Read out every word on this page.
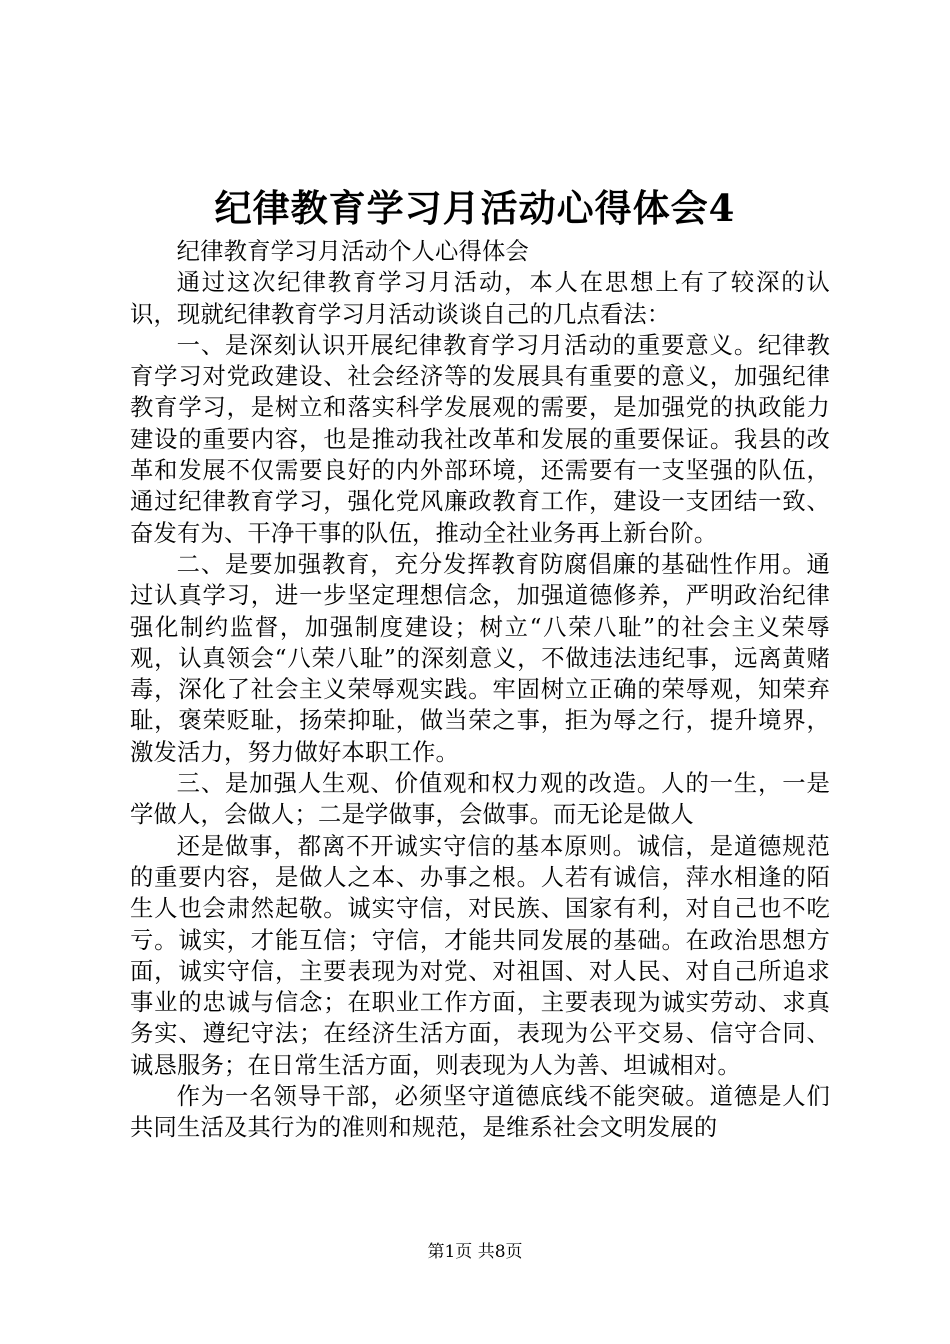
纪律教育学习月活动心得体会4

纪律教育学习月活动个人心得体会

通过这次纪律教育学习月活动，本人在思想上有了较深的认识，现就纪律教育学习月活动谈谈自己的几点看法：

一、是深刻认识开展纪律教育学习月活动的重要意义。纪律教育学习对党政建设、社会经济等的发展具有重要的意义，加强纪律教育学习，是树立和落实科学发展观的需要，是加强党的执政能力建设的重要内容，也是推动我社改革和发展的重要保证。我县的改革和发展不仅需要良好的内外部环境，还需要有一支坚强的队伍，通过纪律教育学习，强化党风廉政教育工作，建设一支团结一致、奋发有为、干净干事的队伍，推动全社业务再上新台阶。

二、是要加强教育，充分发挥教育防腐倡廉的基础性作用。通过认真学习，进一步坚定理想信念，加强道德修养，严明政治纪律强化制约监督，加强制度建设；树立“八荣八耻”的社会主义荣辱观，认真领会“八荣八耻”的深刻意义，不做违法违纪事，远离黄赌毒，深化了社会主义荣辱观实践。牢固树立正确的荣辱观，知荣弃耻，褒荣贬耻，扬荣抑耻，做当荣之事，拒为辱之行，提升境界，激发活力，努力做好本职工作。

三、是加强人生观、价值观和权力观的改造。人的一生，一是学做人，会做人；二是学做事，会做事。而无论是做人

还是做事，都离不开诚实守信的基本原则。诚信，是道德规范的重要内容，是做人之本、办事之根。人若有诚信，萍水相逢的陌生人也会肃然起敬。诚实守信，对民族、国家有利，对自己也不吃亏。诚实，才能互信；守信，才能共同发展的基础。在政治思想方面，诚实守信，主要表现为对党、对祖国、对人民、对自己所追求事业的忠诚与信念；在职业工作方面，主要表现为诚实劳动、求真务实、遵纪守法；在经济生活方面，表现为公平交易、信守合同、诚恳服务；在日常生活方面，则表现为人为善、坦诚相对。

作为一名领导干部，必须坚守道德底线不能突破。道德是人们共同生活及其行为的准则和规范，是维系社会文明发展的

第1页 共8页
